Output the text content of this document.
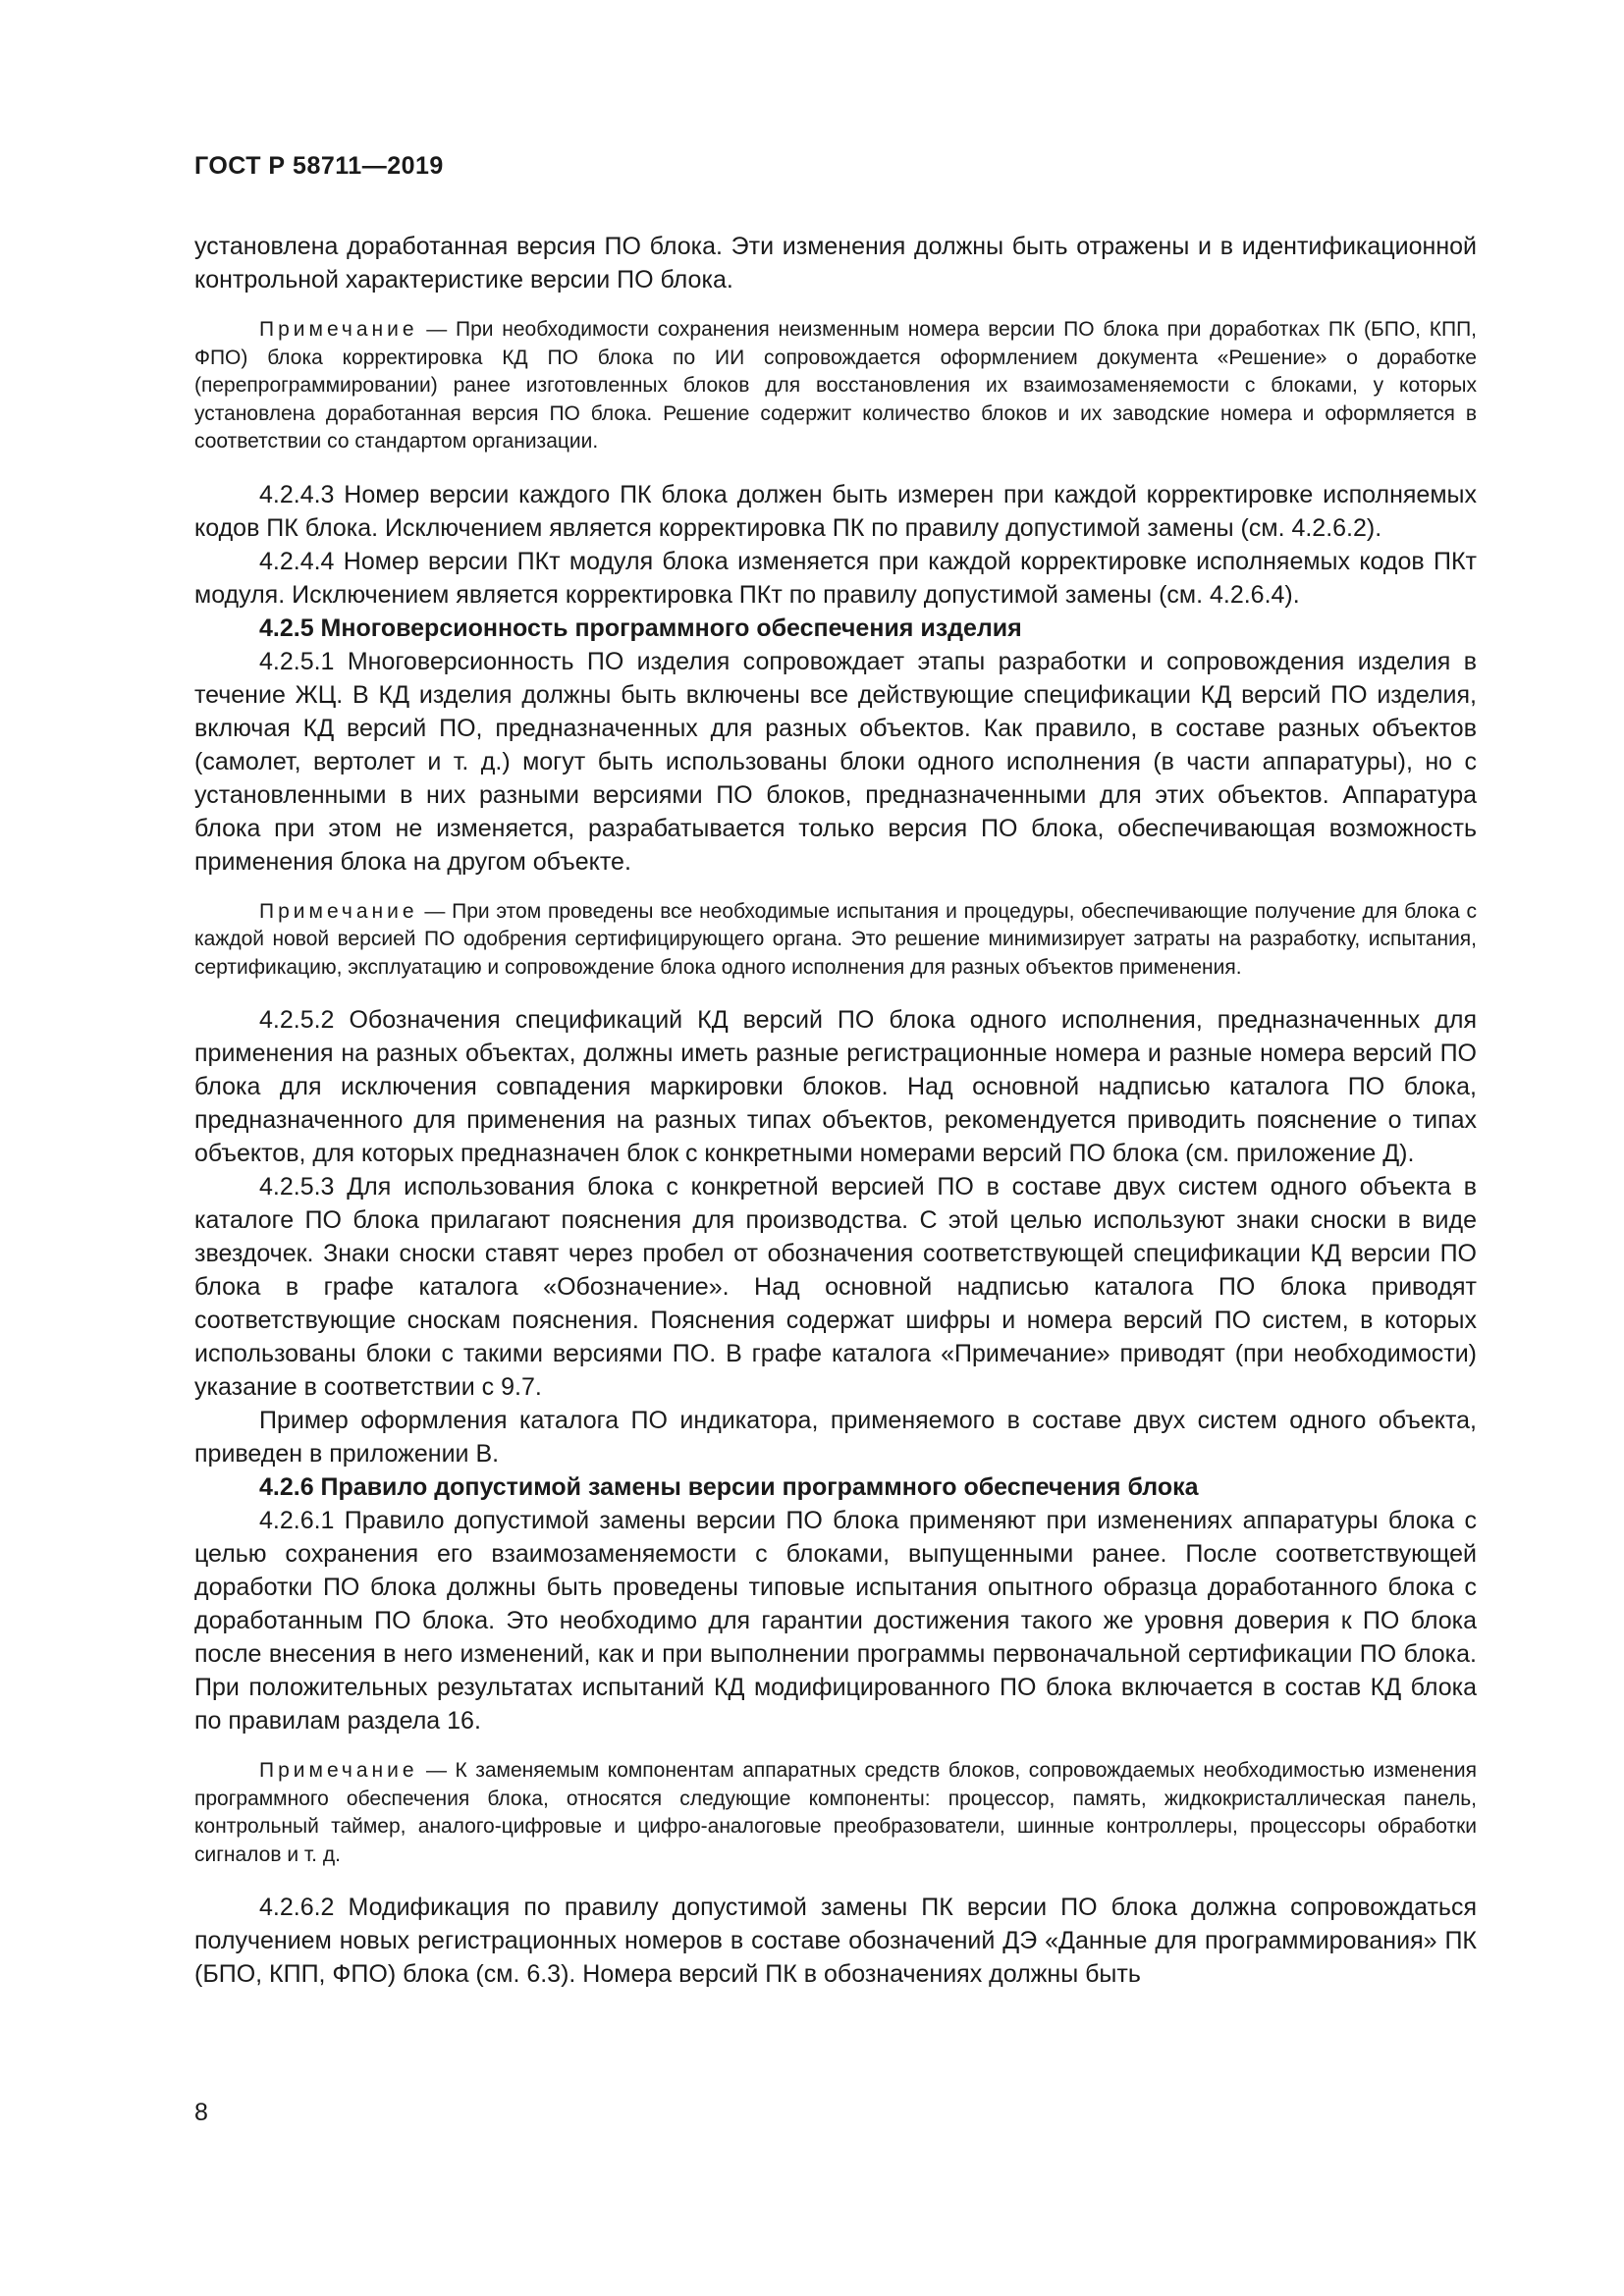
ГОСТ Р 58711—2019

установлена доработанная версия ПО блока. Эти изменения должны быть отражены и в идентификационной контрольной характеристике версии ПО блока.

Примечание — При необходимости сохранения неизменным номера версии ПО блока при доработках ПК (БПО, КПП, ФПО) блока корректировка КД ПО блока по ИИ сопровождается оформлением документа «Решение» о доработке (перепрограммировании) ранее изготовленных блоков для восстановления их взаимозаменяемости с блоками, у которых установлена доработанная версия ПО блока. Решение содержит количество блоков и их заводские номера и оформляется в соответствии со стандартом организации.

4.2.4.3 Номер версии каждого ПК блока должен быть измерен при каждой корректировке исполняемых кодов ПК блока. Исключением является корректировка ПК по правилу допустимой замены (см. 4.2.6.2).

4.2.4.4 Номер версии ПКт модуля блока изменяется при каждой корректировке исполняемых кодов ПКт модуля. Исключением является корректировка ПКт по правилу допустимой замены (см. 4.2.6.4).

4.2.5 Многоверсионность программного обеспечения изделия

4.2.5.1 Многоверсионность ПО изделия сопровождает этапы разработки и сопровождения изделия в течение ЖЦ. В КД изделия должны быть включены все действующие спецификации КД версий ПО изделия, включая КД версий ПО, предназначенных для разных объектов. Как правило, в составе разных объектов (самолет, вертолет и т. д.) могут быть использованы блоки одного исполнения (в части аппаратуры), но с установленными в них разными версиями ПО блоков, предназначенными для этих объектов. Аппаратура блока при этом не изменяется, разрабатывается только версия ПО блока, обеспечивающая возможность применения блока на другом объекте.

Примечание — При этом проведены все необходимые испытания и процедуры, обеспечивающие получение для блока с каждой новой версией ПО одобрения сертифицирующего органа. Это решение минимизирует затраты на разработку, испытания, сертификацию, эксплуатацию и сопровождение блока одного исполнения для разных объектов применения.

4.2.5.2 Обозначения спецификаций КД версий ПО блока одного исполнения, предназначенных для применения на разных объектах, должны иметь разные регистрационные номера и разные номера версий ПО блока для исключения совпадения маркировки блоков. Над основной надписью каталога ПО блока, предназначенного для применения на разных типах объектов, рекомендуется приводить пояснение о типах объектов, для которых предназначен блок с конкретными номерами версий ПО блока (см. приложение Д).

4.2.5.3 Для использования блока с конкретной версией ПО в составе двух систем одного объекта в каталоге ПО блока прилагают пояснения для производства. С этой целью используют знаки сноски в виде звездочек. Знаки сноски ставят через пробел от обозначения соответствующей спецификации КД версии ПО блока в графе каталога «Обозначение». Над основной надписью каталога ПО блока приводят соответствующие сноскам пояснения. Пояснения содержат шифры и номера версий ПО систем, в которых использованы блоки с такими версиями ПО. В графе каталога «Примечание» приводят (при необходимости) указание в соответствии с 9.7.

Пример оформления каталога ПО индикатора, применяемого в составе двух систем одного объекта, приведен в приложении В.

4.2.6 Правило допустимой замены версии программного обеспечения блока

4.2.6.1 Правило допустимой замены версии ПО блока применяют при изменениях аппаратуры блока с целью сохранения его взаимозаменяемости с блоками, выпущенными ранее. После соответствующей доработки ПО блока должны быть проведены типовые испытания опытного образца доработанного блока с доработанным ПО блока. Это необходимо для гарантии достижения такого же уровня доверия к ПО блока после внесения в него изменений, как и при выполнении программы первоначальной сертификации ПО блока. При положительных результатах испытаний КД модифицированного ПО блока включается в состав КД блока по правилам раздела 16.

Примечание — К заменяемым компонентам аппаратных средств блоков, сопровождаемых необходимостью изменения программного обеспечения блока, относятся следующие компоненты: процессор, память, жидкокристаллическая панель, контрольный таймер, аналого-цифровые и цифро-аналоговые преобразователи, шинные контроллеры, процессоры обработки сигналов и т. д.

4.2.6.2 Модификация по правилу допустимой замены ПК версии ПО блока должна сопровождаться получением новых регистрационных номеров в составе обозначений ДЭ «Данные для программирования» ПК (БПО, КПП, ФПО) блока (см. 6.3). Номера версий ПК в обозначениях должны быть

8
